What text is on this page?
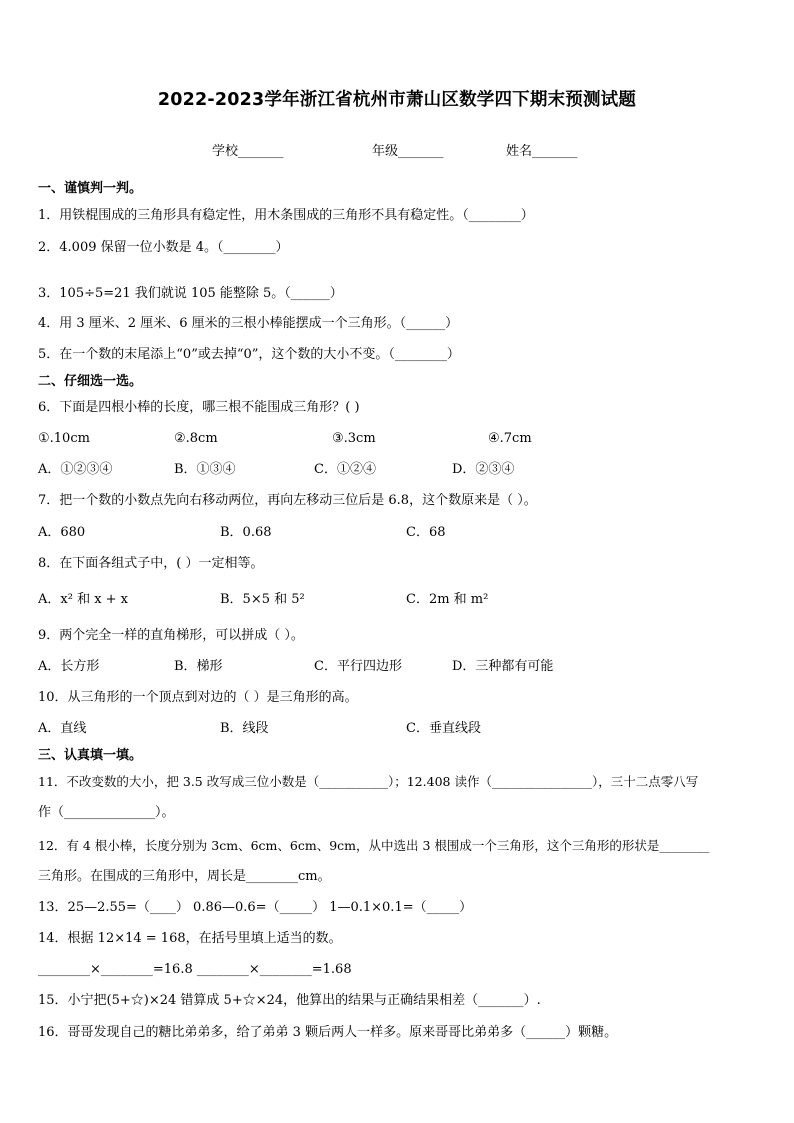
2022-2023学年浙江省杭州市萧山区数学四下期末预测试题
学校_______	年级_______	姓名_______
一、谨慎判一判。
1．用铁棍围成的三角形具有稳定性，用木条围成的三角形不具有稳定性。（________）
2．4.009 保留一位小数是 4。（________）
3．105÷5=21 我们就说 105 能整除 5。（______）
4．用 3 厘米、2 厘米、6 厘米的三根小棒能摆成一个三角形。（______）
5．在一个数的末尾添上“0”或去掉“0”，这个数的大小不变。（________）
二、仔细选一选。
6．下面是四根小棒的长度，哪三根不能围成三角形？( )
①.10cm	②.8cm	③.3cm	④.7cm
A．①②③④	B．①③④	C．①②④	D．②③④
7．把一个数的小数点先向右移动两位，再向左移动三位后是 6.8，这个数原来是（ ）。
A．680	B．0.68	C．68
8．在下面各组式子中，( ）一定相等。
A．x² 和 x + x	B．5×5 和 5²	C．2m 和 m²
9．两个完全一样的直角梯形，可以拼成（ ）。
A．长方形	B．梯形	C．平行四边形	D．三种都有可能
10．从三角形的一个顶点到对边的（ ）是三角形的高。
A．直线	B．线段	C．垂直线段
三、认真填一填。
11．不改变数的大小，把 3.5 改写成三位小数是（___________）；12.408 读作（________________），三十二点零八写
作（______________）。
12．有 4 根小棒，长度分别为 3cm、6cm、6cm、9cm，从中选出 3 根围成一个三角形，这个三角形的形状是________
三角形。在围成的三角形中，周长是________cm。
13．25—2.55=（____） 0.86—0.6=（_____） 1—0.1×0.1=（_____）
14．根据 12×14 = 168，在括号里填上适当的数。
________×________=16.8 ________×________=1.68
15．小宁把(5+☆)×24 错算成 5+☆×24，他算出的结果与正确结果相差（_______）.
16．哥哥发现自己的糖比弟弟多，给了弟弟 3 颗后两人一样多。原来哥哥比弟弟多（______）颗糖。
